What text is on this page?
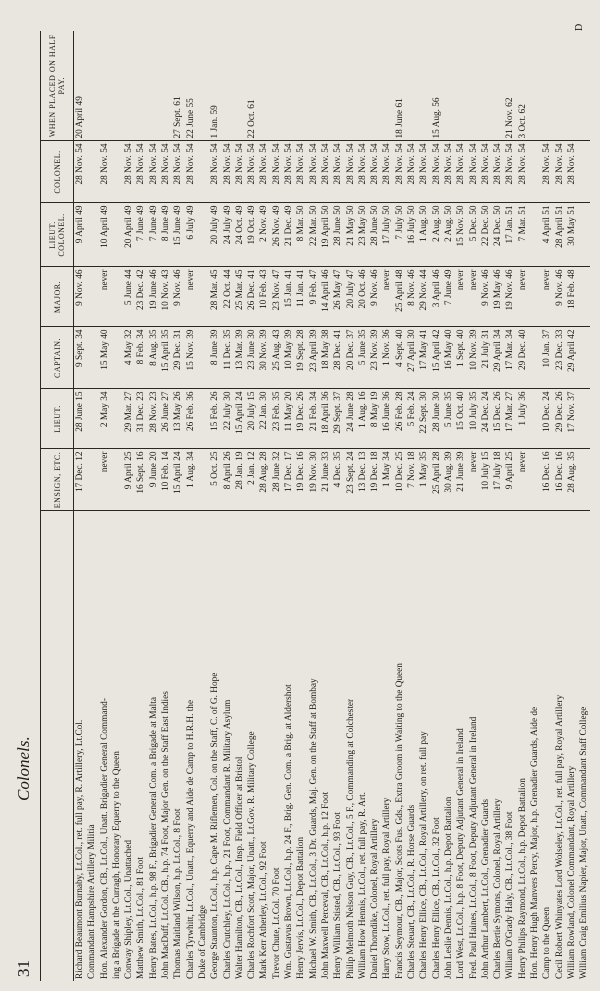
31
Colonels.
	ENSIGN, ETC.	LIEUT.	CAPTAIN.	MAJOR.	LIEUT. COLONEL.	COLONEL.	WHEN PLACED ON HALF PAY.
Richard Beaumont Burnaby, Lt.Col., ret. full pay, R. Artillery, Lt.Col.	17 Dec. 12	28 June 15	9 Sept. 34	9 Nov. 46	9 April 49	28 Nov. 54	20 April 49
Commandant Hampshire Artillery Militia							
Hon. Alexander Gordon, CB., Lt.Col., Unatt. Brigadier General Command-	never	2 May 34	15 May 40	never	10 April 49	28 Nov. 54	
ing a Brigade at the Curragh, Honorary Equerry to the Queen							
Conway Shipley, Lt.Col., Unattached	9 April 25	29 Mar. 27	4 May 32	5 June 44	20 April 49	28 Nov. 54	
Matthew Smith, Lt.Col., 81 Foot	16 Sept. 16	31 Dec. 23	8 Feb. 34	23 Dec. 42	7 June 49	28 Nov. 54	
Henry Bates, Lt.Col., h.p. 98 F., Brigadier General Com. a Brigade at Malta	9 June 20	28 Nov. 23	8 Aug. 35	19 June 46	7 June 49	28 Nov. 54	
John MacDuff, Lt.Col. CB., h.p. 74 Foot, Major Gen. on the Staff East Indies	10 Feb. 14	26 June 27	15 April 35	10 Nov. 43	8 June 49	28 Nov. 54	
Thomas Maitland Wilson, h.p. Lt.Col., 8 Foot	15 April 24	13 May 26	29 Dec. 31	9 Nov. 46	15 June 49	28 Nov. 54	27 Sept. 61
Charles Tyrwhitt, Lt.Col., Unatt., Equerry and Aide de Camp to H.R.H. the	1 Aug. 34	26 Feb. 36	15 Nov. 39	never	6 July 49	28 Nov. 54	22 June 55
Duke of Cambridge							
George Staunton, Lt.Col., h.p. Cape M. Riflemen, Col. on the Staff, C. of G. Hope	5 Oct. 25	15 Feb. 26	8 June 39	28 Mar. 45	20 July 49	28 Nov. 54	1 Jan. 59
Charles Crutchley, Lt.Col., h.p., 21 Foot, Commandant R. Military Asylum	8 April 26	22 July 30	11 Dec. 35	22 Oct. 44	24 July 49	28 Nov. 54	
Walter Hamilton, CB., Lt.Col., Insp. Field Officer at Bristol	28 Jan. 19	15 April 24	13 Mar. 39	25 Mar. 45	24 Oct. 49	28 Nov. 54	
Charles Rochfort Scott, Major, Unatt., Lt.Gov. R. Military College	2 Jan. 12	20 July 15	23 June 30	26 Dec. 41	19 Oct. 49	28 Nov. 54	22 Oct. 61
Mark Kerr Atherley, Lt.Col., 92 Foot	28 Aug. 28	22 Jan. 30	30 Nov. 39	10 Feb. 43	2 Nov. 49	28 Nov. 54	
Trevor Chute, Lt.Col. 70 Foot	28 June 32	23 Feb. 35	25 Aug. 43	23 Nov. 47	26 Nov. 49	28 Nov. 54	
Wm. Gustavus Brown, Lt.Col., h.p. 24 F., Brig. Gen. Com. a Brig. at Aldershot	17 Dec. 17	11 May 20	10 May 39	15 Jan. 41	21 Dec. 49	28 Nov. 54	
Henry Jervis, Lt.Col., Depot Battalion	19 Dec. 16	19 Dec. 26	19 Sept. 28	11 Jan. 41	8 Mar. 50	28 Nov. 54	
Michael W. Smith, CB., Lt.Col., 3 Dr. Guards, Maj. Gen. on the Staff at Bombay	19 Nov. 30	21 Feb. 34	23 April 39	9 Feb. 47	22 Mar. 50	28 Nov. 54	
John Maxwell Perceval, CB., Lt.Col., h.p. 12 Foot	21 June 33	18 April 36	18 May 38	14 April 46	19 April 50	28 Nov. 54	
Henry William Stisted, CB., Lt.Col., 93 Foot	4 Dec. 35	29 Sept. 37	28 Dec. 41	26 May 47	28 June 50	28 Nov. 54	
Philip Melmoth Nelson Guy, CB., Lt.Col., 5 F., Commanding at Colchester	23 Sept. 24	24 June 28	20 Dec. 37	20 July 47	21 May 50	28 Nov. 54	
William How Hennis, Lt.Col., ret. full pay, R. Art.	13 Dec. 13	1 Aug. 16	5 June 35	20 Oct. 46	23 May 50	28 Nov. 54	
Daniel Thorndike, Colonel, Royal Artillery	19 Dec. 18	8 May 19	23 Nov. 39	9 Nov. 46	28 June 50	28 Nov. 54	
Harry Stow, Lt.Col., ret. full pay, Royal Artillery	1 May 34	16 June 36	1 Nov. 36	never	17 July 50	28 Nov. 54	
Francis Seymour, CB., Major, Scots Fus. Gds., Extra Groom in Waiting to the Queen	10 Dec. 25	26 Feb. 28	4 Sept. 40	25 April 48	7 July 50	28 Nov. 54	18 June 61
Charles Steuart, CB., Lt.Col., R. Horse Guards	7 Nov. 18	5 Feb. 24	27 April 30	8 Nov. 46	16 July 50	28 Nov. 54	
Charles Henry Ellice, CB., Lt.Col., Royal Artillery, on ret. full pay	1 May 35	22 Sept. 30	17 May 41	29 Nov. 44	1 Aug. 50	28 Nov. 54	
Charles Henry Ellice, CB., Lt.Col., 32 Foot	25 April 28	28 June 30	15 April 42	3 April 46	2 Aug. 50	28 Nov. 54	15 Aug. 56
John Leslie Dennis, Lt.Col., h.p. Depot Battalion	30 Aug. 39	5 June 35	16 May 40	7 June 49	2 Aug. 50	28 Nov. 54	
Lord West, Lt.Col., h.p. 8 Foot, Deputy Adjutant General in Ireland	21 June 39	15 Oct. 40	1 Sept. 40	never	15 Nov. 50	28 Nov. 54	
Fred. Paul Haines, Lt.Col., 8 Foot, Deputy Adjutant General in Ireland	never	10 July 35	10 Nov. 39	never	5 Dec. 50	28 Nov. 54	
John Arthur Lambert, Lt.Col., Grenadier Guards	10 July 15	24 Dec. 24	21 July 31	9 Nov. 46	22 Dec. 50	28 Nov. 54	
Charles Bertie Symons, Colonel, Royal Artillery	17 July 18	15 Dec. 26	29 April 34	19 May 46	24 Dec. 50	28 Nov. 54	
William O'Grady Haly, CB., Lt.Col., 38 Foot	9 April 25	17 Mar. 27	17 Mar. 34	19 Nov. 46	17 Jan. 51	28 Nov. 54	21 Nov. 62
Henry Philips Raymond, Lt.Col., h.p. Depot Battalion	never	1 July 36	29 Dec. 40	never	7 Mar. 51	28 Nov. 54	3 Oct. 62
Hon. Henry Hugh Manvers Percy, Major, h.p. Grenadier Guards, Aide de							
Camp to the Queen	16 Dec. 16	10 Dec. 24	10 Jan. 37	never	4 April 51	28 Nov. 54	
Cecil Robert Whinyates Lord Wolseley, Lt.Col., ret. full pay, Royal Artillery	16 Dec. 16	29 Dec. 26	23 Dec. 33	9 Nov. 46	28 April 51	28 Nov. 54	
William Rowland, Colonel Commandant, Royal Artillery	28 Aug. 35	17 Nov. 37	29 April 42	18 Feb. 48	30 May 51	28 Nov. 54	
William Craig Emilius Napier, Major, Unatt., Commandant Staff College							
D
